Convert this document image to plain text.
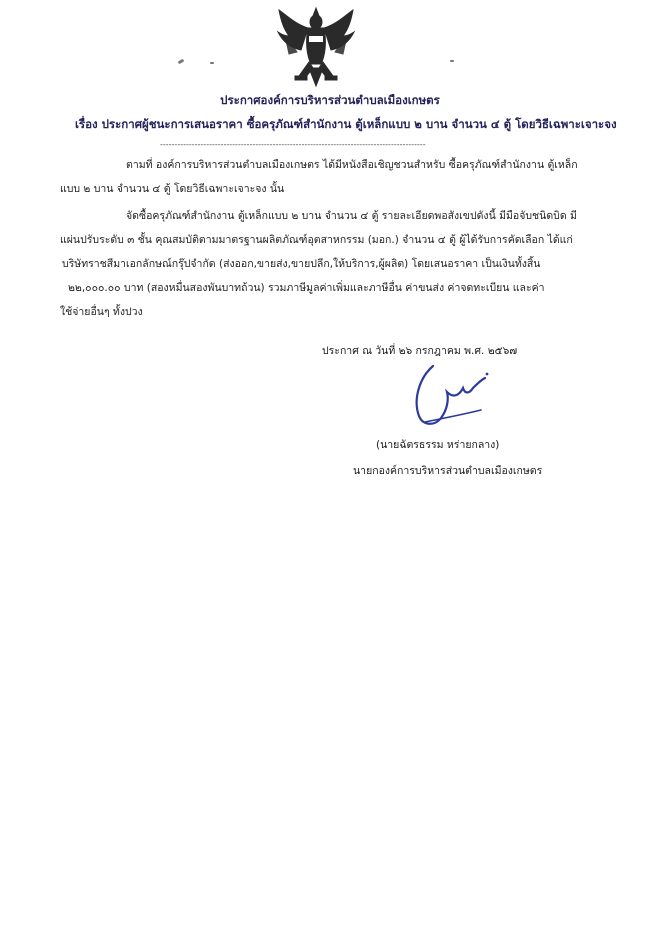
ประกาศองค์การบริหารส่วนตำบลเมืองเกษตร
เรื่อง ประกาศผู้ชนะการเสนอราคา ซื้อครุภัณฑ์สำนักงาน ตู้เหล็กแบบ ๒ บาน จำนวน ๔ ตู้ โดยวิธีเฉพาะเจาะจง
--------------------------------------------------------------------------------------------
ตามที่ องค์การบริหารส่วนตำบลเมืองเกษตร ได้มีหนังสือเชิญชวนสำหรับ ซื้อครุภัณฑ์สำนักงาน ตู้เหล็ก
แบบ ๒ บาน จำนวน ๔ ตู้ โดยวิธีเฉพาะเจาะจง นั้น
จัดซื้อครุภัณฑ์สำนักงาน ตู้เหล็กแบบ ๒ บาน จำนวน ๔ ตู้ รายละเอียดพอสังเขปดังนี้ มีมือจับชนิดบิด มี
แผ่นปรับระดับ ๓ ชั้น คุณสมบัติตามมาตรฐานผลิตภัณฑ์อุตสาหกรรม (มอก.) จำนวน ๔ ตู้ ผู้ได้รับการคัดเลือก ได้แก่
บริษัทราชสีมาเอกลักษณ์กรุ๊ปจำกัด (ส่งออก,ขายส่ง,ขายปลีก,ให้บริการ,ผู้ผลิต) โดยเสนอราคา เป็นเงินทั้งสิ้น
๒๒,๐๐๐.๐๐ บาท (สองหมื่นสองพันบาทถ้วน) รวมภาษีมูลค่าเพิ่มและภาษีอื่น ค่าขนส่ง ค่าจดทะเบียน และค่า
ใช้จ่ายอื่นๆ ทั้งปวง
ประกาศ ณ วันที่ ๒๖ กรกฎาคม พ.ศ. ๒๕๖๗
(นายฉัตรธรรม หร่ายกลาง)
นายกองค์การบริหารส่วนตำบลเมืองเกษตร
